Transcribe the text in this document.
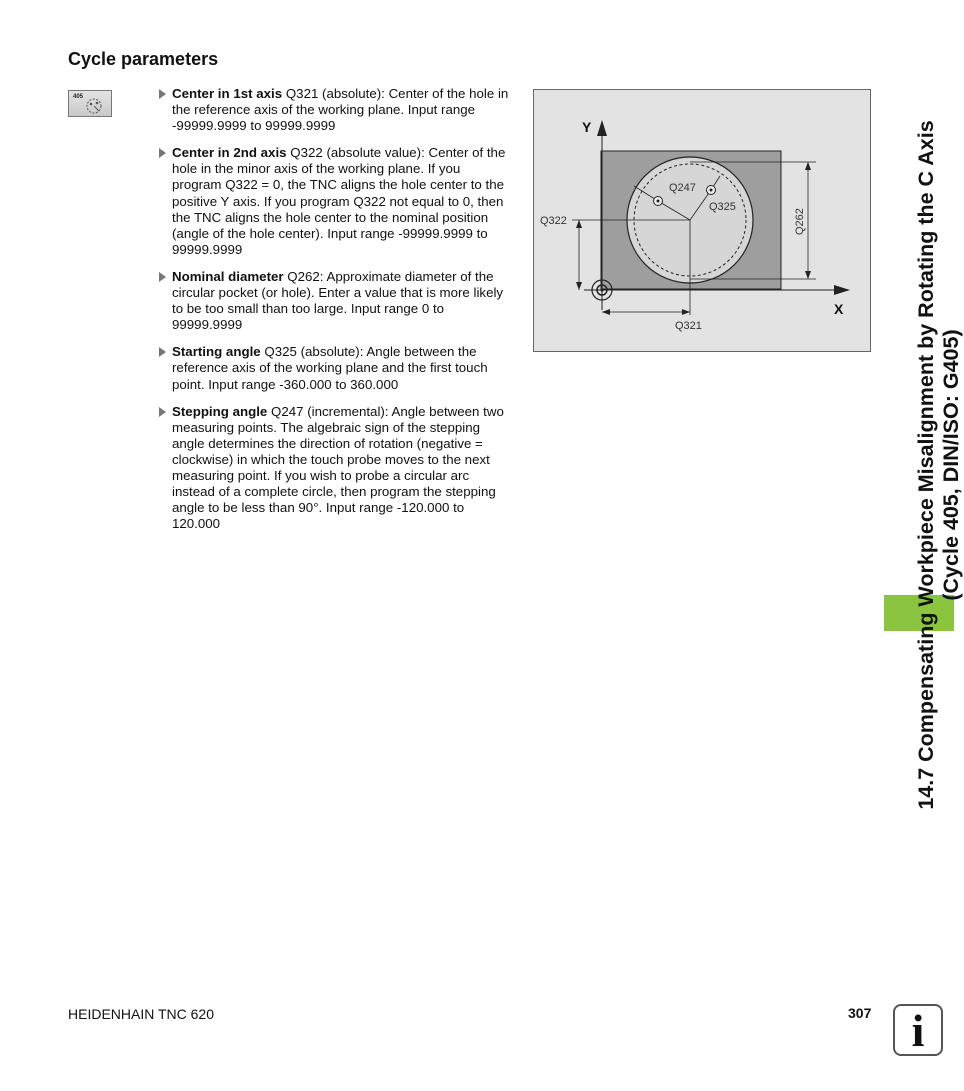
Cycle parameters
405	Center in 1st axis Q321 (absolute): Center of the hole in the reference axis of the working plane. Input range -99999.9999 to 99999.9999
Center in 2nd axis Q322 (absolute value): Center of the hole in the minor axis of the working plane. If you program Q322 = 0, the TNC aligns the hole center to the positive Y axis. If you program Q322 not equal to 0, then the TNC aligns the hole center to the nominal position (angle of the hole center). Input range -99999.9999 to 99999.9999
Nominal diameter Q262: Approximate diameter of the circular pocket (or hole). Enter a value that is more likely to be too small than too large. Input range 0 to 99999.9999
Starting angle Q325 (absolute): Angle between the reference axis of the working plane and the first touch point. Input range -360.000 to 360.000
Stepping angle Q247 (incremental): Angle between two measuring points. The algebraic sign of the stepping angle determines the direction of rotation (negative = clockwise) in which the touch probe moves to the next measuring point. If you wish to probe a circular arc instead of a complete circle, then program the stepping angle to be less than 90°. Input range -120.000 to 120.000
Y
X
Q247
Q325
Q322	Q262
Q321	14.7 Compensating Workpiece Misalignment by Rotating the C Axis (Cycle 405, DIN/ISO: G405)
HEIDENHAIN TNC 620	307 i
